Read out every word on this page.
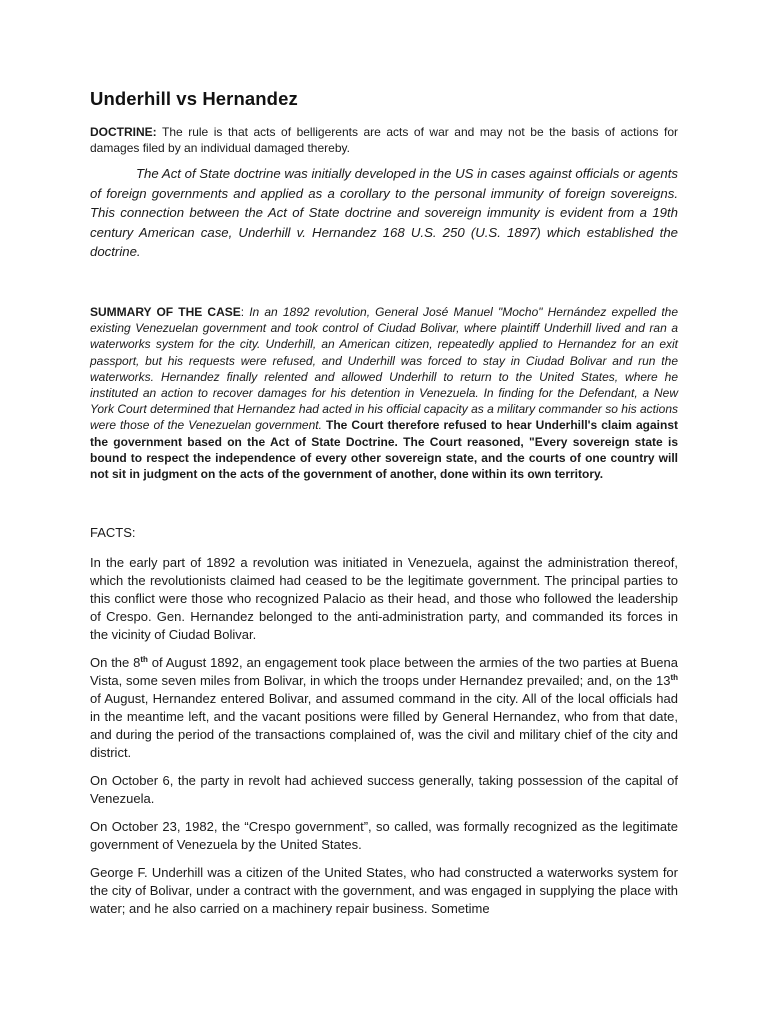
Underhill vs Hernandez

DOCTRINE: The rule is that acts of belligerents are acts of war and may not be the basis of actions for damages filed by an individual damaged thereby.

The Act of State doctrine was initially developed in the US in cases against officials or agents of foreign governments and applied as a corollary to the personal immunity of foreign sovereigns. This connection between the Act of State doctrine and sovereign immunity is evident from a 19th century American case, Underhill v. Hernandez 168 U.S. 250 (U.S. 1897) which established the doctrine.

SUMMARY OF THE CASE: In an 1892 revolution, General José Manuel "Mocho" Hernández expelled the existing Venezuelan government and took control of Ciudad Bolivar, where plaintiff Underhill lived and ran a waterworks system for the city. Underhill, an American citizen, repeatedly applied to Hernandez for an exit passport, but his requests were refused, and Underhill was forced to stay in Ciudad Bolivar and run the waterworks. Hernandez finally relented and allowed Underhill to return to the United States, where he instituted an action to recover damages for his detention in Venezuela. In finding for the Defendant, a New York Court determined that Hernandez had acted in his official capacity as a military commander so his actions were those of the Venezuelan government. The Court therefore refused to hear Underhill's claim against the government based on the Act of State Doctrine. The Court reasoned, "Every sovereign state is bound to respect the independence of every other sovereign state, and the courts of one country will not sit in judgment on the acts of the government of another, done within its own territory.

FACTS:

In the early part of 1892 a revolution was initiated in Venezuela, against the administration thereof, which the revolutionists claimed had ceased to be the legitimate government. The principal parties to this conflict were those who recognized Palacio as their head, and those who followed the leadership of Crespo. Gen. Hernandez belonged to the anti-administration party, and commanded its forces in the vicinity of Ciudad Bolivar.

On the 8th of August 1892, an engagement took place between the armies of the two parties at Buena Vista, some seven miles from Bolivar, in which the troops under Hernandez prevailed; and, on the 13th of August, Hernandez entered Bolivar, and assumed command in the city. All of the local officials had in the meantime left, and the vacant positions were filled by General Hernandez, who from that date, and during the period of the transactions complained of, was the civil and military chief of the city and district.

On October 6, the party in revolt had achieved success generally, taking possession of the capital of Venezuela.

On October 23, 1982, the “Crespo government”, so called, was formally recognized as the legitimate government of Venezuela by the United States.

George F. Underhill was a citizen of the United States, who had constructed a waterworks system for the city of Bolivar, under a contract with the government, and was engaged in supplying the place with water; and he also carried on a machinery repair business. Sometime
